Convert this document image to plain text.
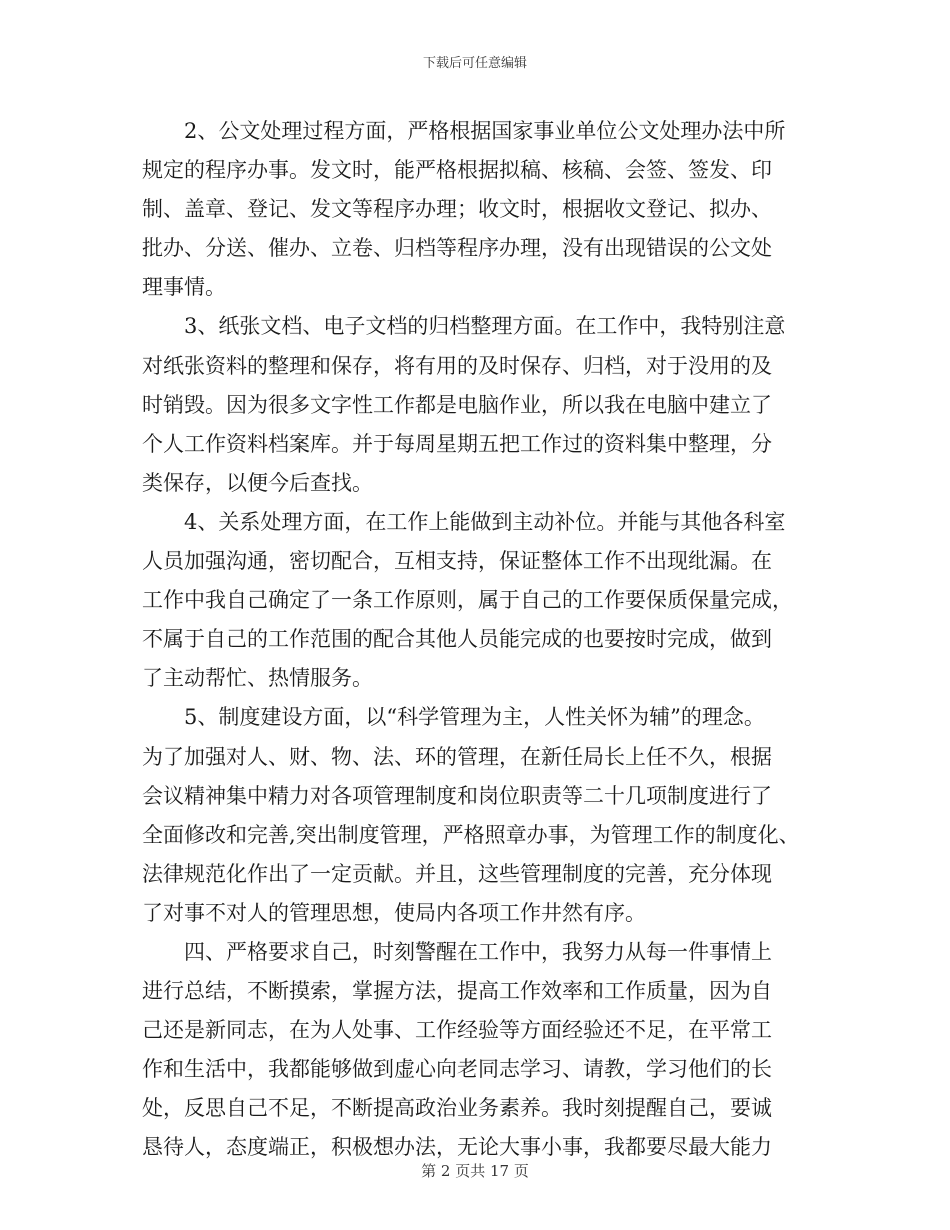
下载后可任意编辑
　　2、公文处理过程方面，严格根据国家事业单位公文处理办法中所
规定的程序办事。发文时，能严格根据拟稿、核稿、会签、签发、印
制、盖章、登记、发文等程序办理；收文时，根据收文登记、拟办、
批办、分送、催办、立卷、归档等程序办理，没有出现错误的公文处
理事情。
　　3、纸张文档、电子文档的归档整理方面。在工作中，我特别注意
对纸张资料的整理和保存，将有用的及时保存、归档，对于没用的及
时销毁。因为很多文字性工作都是电脑作业，所以我在电脑中建立了
个人工作资料档案库。并于每周星期五把工作过的资料集中整理，分
类保存，以便今后查找。
　　4、关系处理方面，在工作上能做到主动补位。并能与其他各科室
人员加强沟通，密切配合，互相支持，保证整体工作不出现纰漏。在
工作中我自己确定了一条工作原则，属于自己的工作要保质保量完成，
不属于自己的工作范围的配合其他人员能完成的也要按时完成，做到
了主动帮忙、热情服务。
　　5、制度建设方面，以“科学管理为主，人性关怀为辅”的理念。
为了加强对人、财、物、法、环的管理，在新任局长上任不久，根据
会议精神集中精力对各项管理制度和岗位职责等二十几项制度进行了
全面修改和完善,突出制度管理，严格照章办事，为管理工作的制度化、
法律规范化作出了一定贡献。并且，这些管理制度的完善，充分体现
了对事不对人的管理思想，使局内各项工作井然有序。
　　四、严格要求自己，时刻警醒在工作中，我努力从每一件事情上
进行总结，不断摸索，掌握方法，提高工作效率和工作质量，因为自
己还是新同志，在为人处事、工作经验等方面经验还不足，在平常工
作和生活中，我都能够做到虚心向老同志学习、请教，学习他们的长
处，反思自己不足，不断提高政治业务素养。我时刻提醒自己，要诚
恳待人，态度端正，积极想办法，无论大事小事，我都要尽最大能力
第 2 页共 17 页
